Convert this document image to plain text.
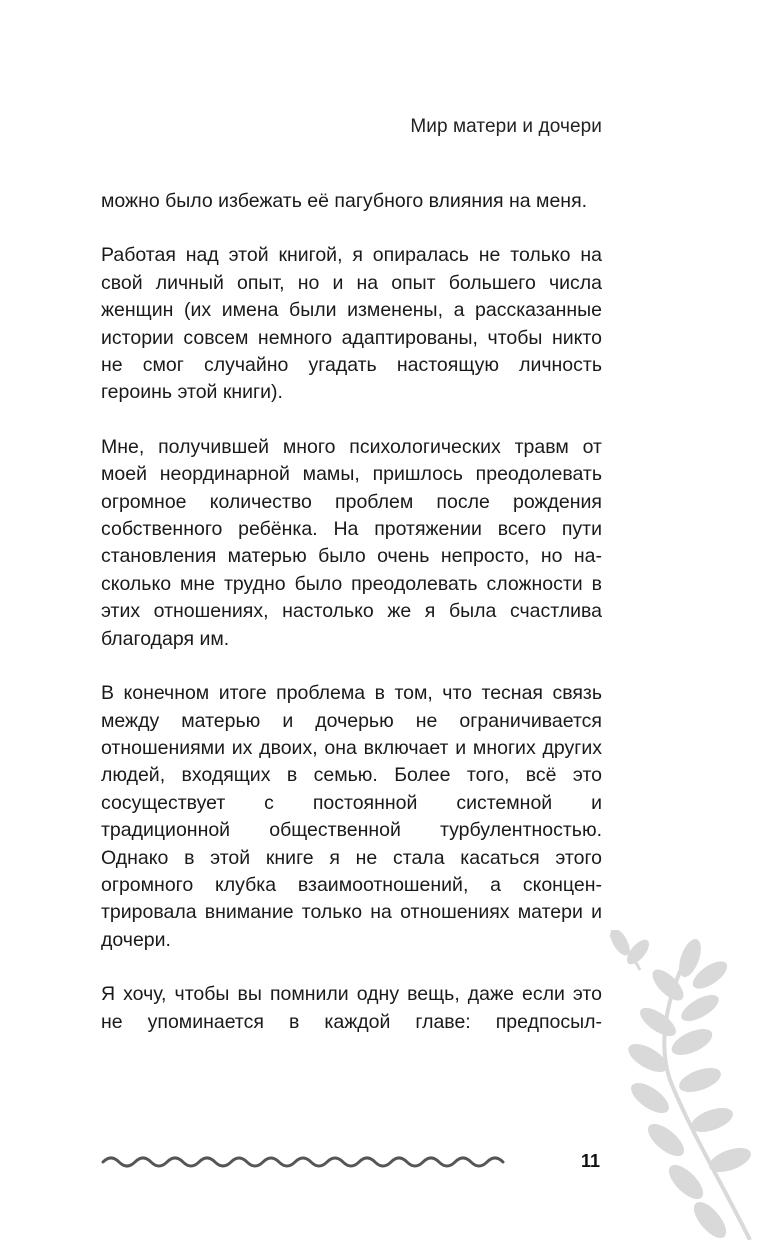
Мир матери и дочери

можно было избежать её пагубного влияния на меня.

Работая над этой книгой, я опиралась не только на свой личный опыт, но и на опыт большего числа женщин (их имена были изменены, а рассказанные истории совсем немного адаптированы, чтобы никто не смог случайно угадать настоящую личность героинь этой книги).

Мне, получившей много психологических травм от моей неординарной мамы, пришлось преодолевать огромное количество проблем после рождения собственного ребёнка. На протяжении всего пути становления матерью было очень непросто, но насколько мне трудно было преодолевать сложности в этих отношениях, настолько же я была счастлива благодаря им.

В конечном итоге проблема в том, что тесная связь между матерью и дочерью не ограничивается отношениями их двоих, она включает и многих других людей, входящих в семью. Более того, всё это сосуществует с постоянной системной и традиционной общественной турбулентностью. Однако в этой книге я не стала касаться этого огромного клубка взаимоотношений, а сконцентрировала внимание только на отношениях матери и дочери.

Я хочу, чтобы вы помнили одну вещь, даже если это не упоминается в каждой главе: предпосыл-

11
